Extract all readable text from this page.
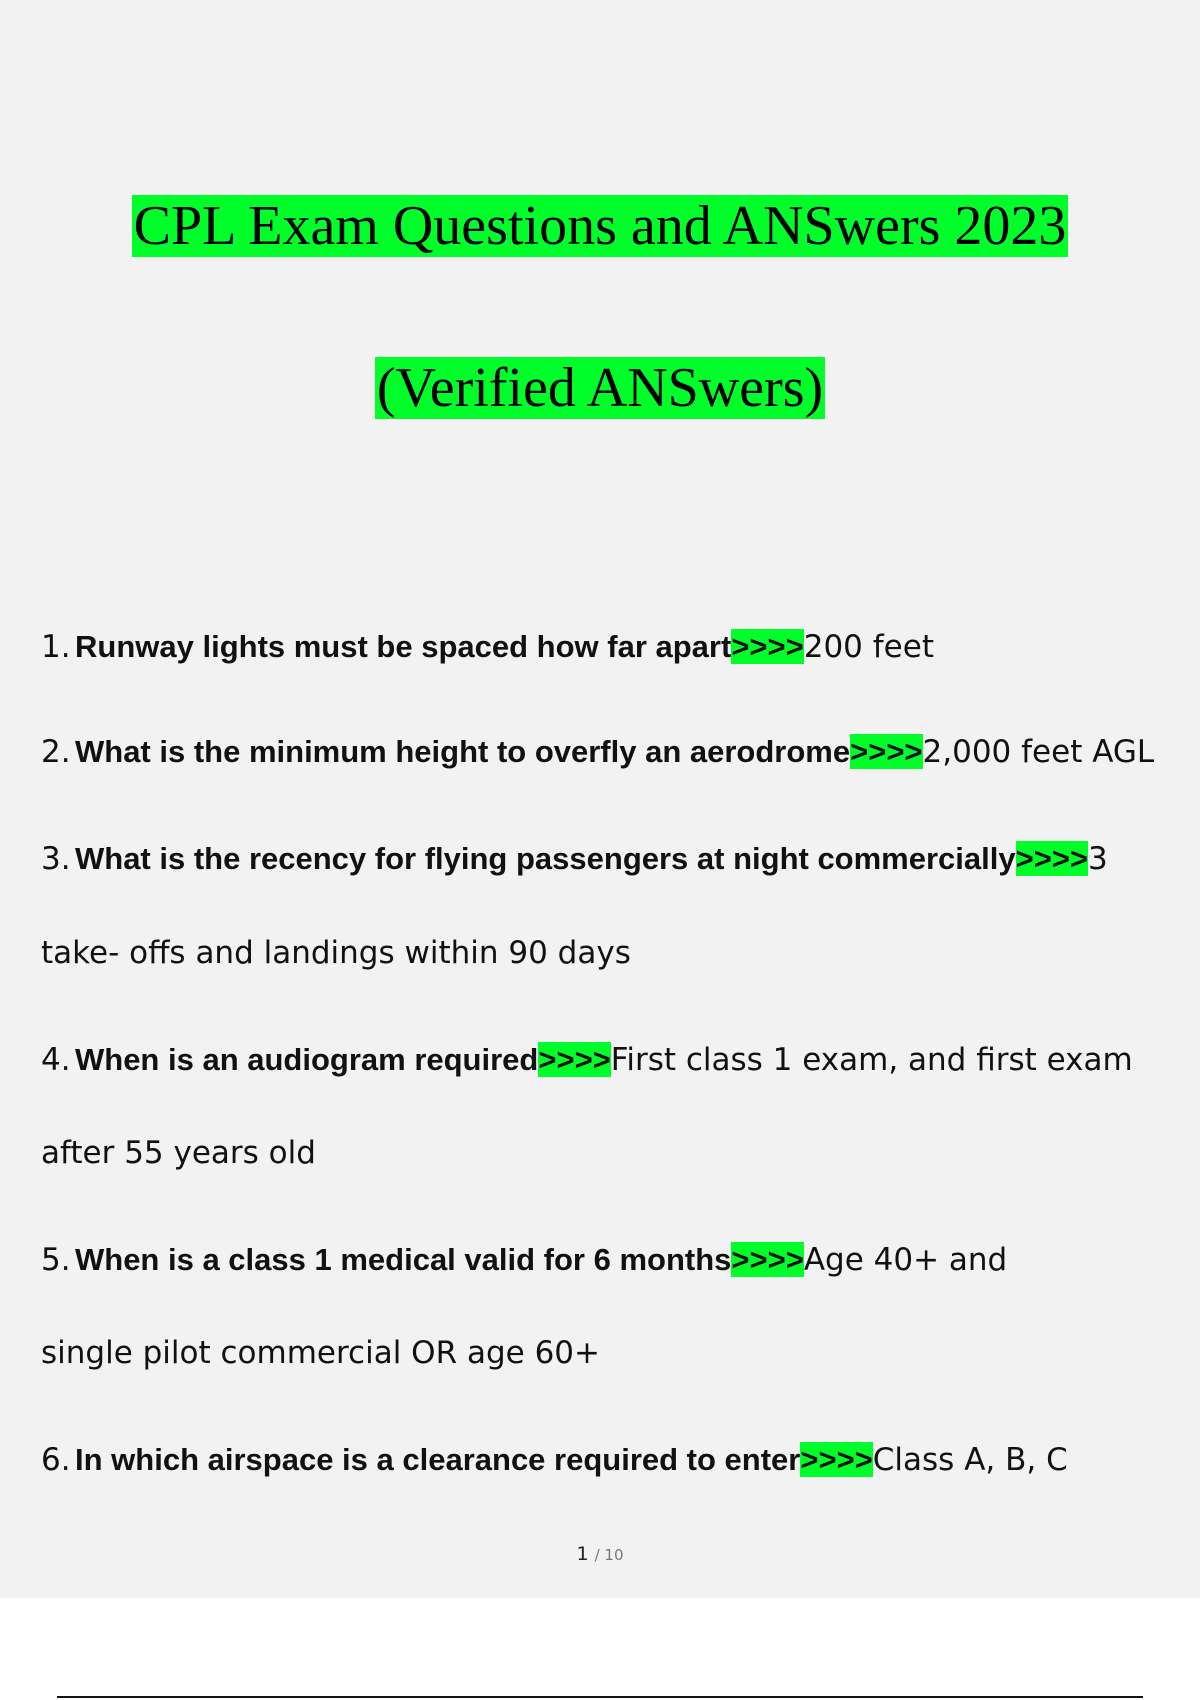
CPL Exam Questions and ANSwers 2023
(Verified ANSwers)
1. Runway lights must be spaced how far apart>>>>200 feet
2. What is the minimum height to overfly an aerodrome>>>>2,000 feet AGL
3. What is the recency for flying passengers at night commercially>>>>3
take- offs and landings within 90 days
4. When is an audiogram required>>>>First class 1 exam, and first exam
after 55 years old
5. When is a class 1 medical valid for 6 months>>>>Age 40+ and
single pilot commercial OR age 60+
6. In which airspace is a clearance required to enter>>>>Class A, B, C
1 / 10
